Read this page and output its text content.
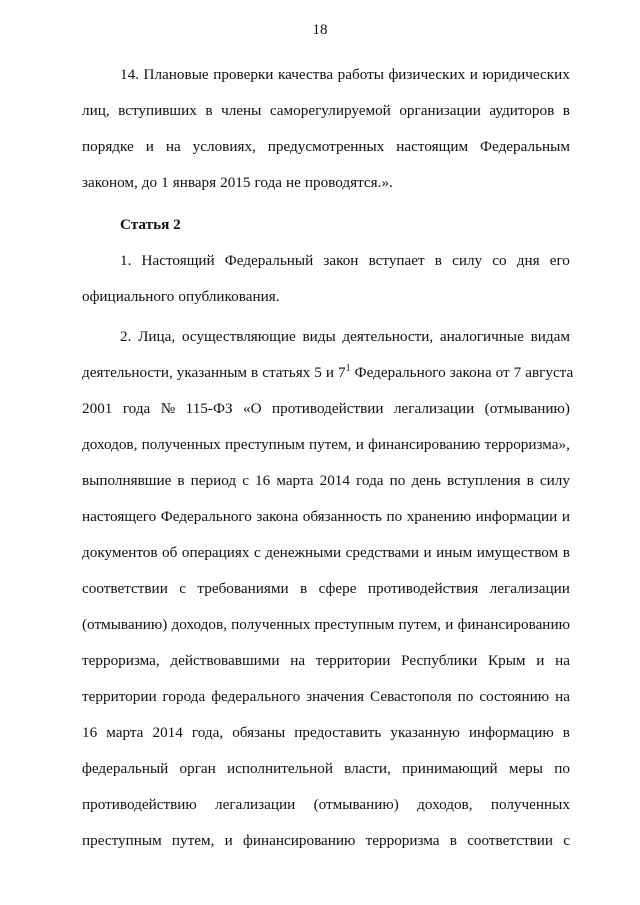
18
14. Плановые проверки качества работы физических и юридических
лиц, вступивших в члены саморегулируемой организации аудиторов в
порядке и на условиях, предусмотренных настоящим Федеральным
законом, до 1 января 2015 года не проводятся.».
Статья 2
1. Настоящий Федеральный закон вступает в силу со дня его
официального опубликования.
2. Лица, осуществляющие виды деятельности, аналогичные видам
деятельности, указанным в статьях 5 и $7^1$ Федерального закона от 7 августа
2001 года № 115-ФЗ «О противодействии легализации (отмыванию)
доходов, полученных преступным путем, и финансированию терроризма»,
выполнявшие в период с 16 марта 2014 года по день вступления в силу
настоящего Федерального закона обязанность по хранению информации и
документов об операциях с денежными средствами и иным имуществом в
соответствии с требованиями в сфере противодействия легализации
(отмыванию) доходов, полученных преступным путем, и финансированию
терроризма, действовавшими на территории Республики Крым и на
территории города федерального значения Севастополя по состоянию на
16 марта 2014 года, обязаны предоставить указанную информацию в
федеральный орган исполнительной власти, принимающий меры по
противодействию легализации (отмыванию) доходов, полученных
преступным путем, и финансированию терроризма в соответствии с
